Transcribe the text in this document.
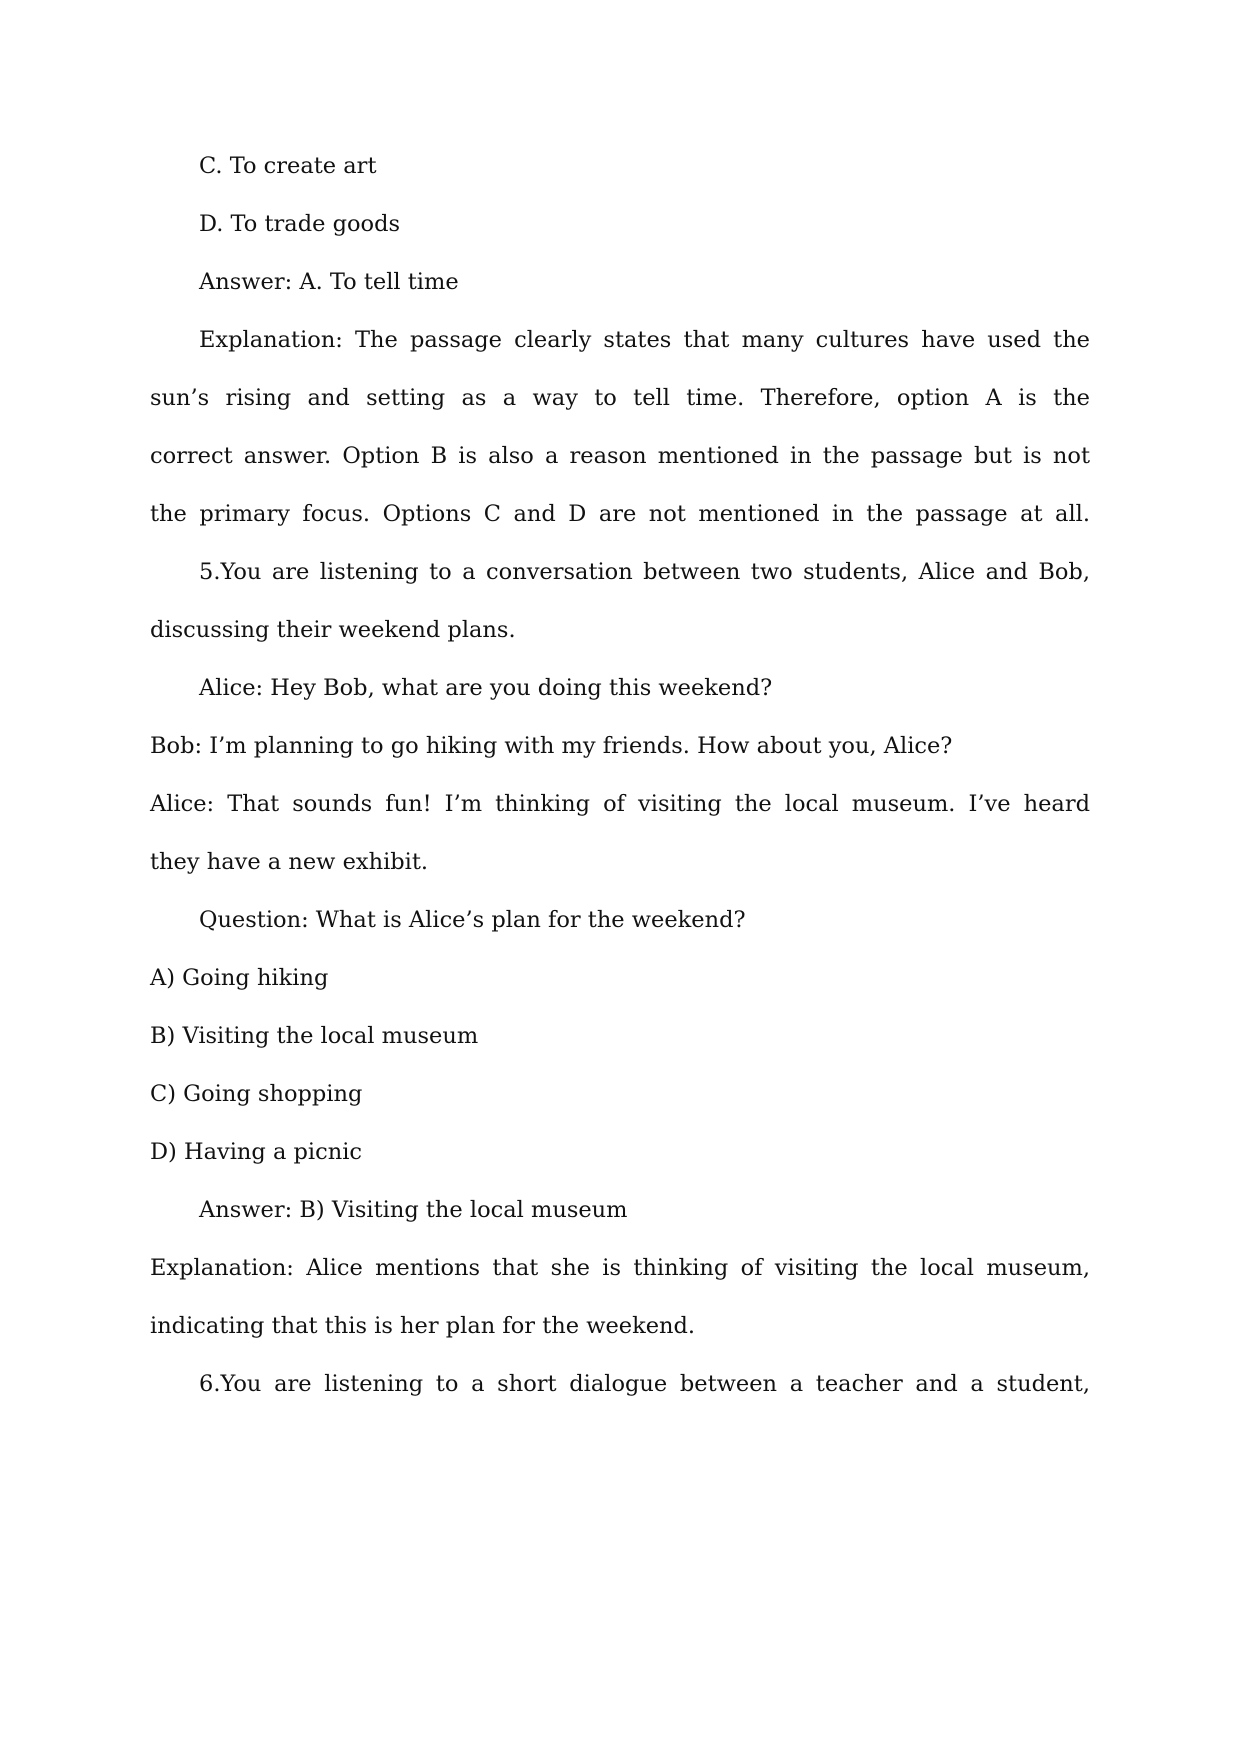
C. To create art

D. To trade goods

Answer: A. To tell time

Explanation: The passage clearly states that many cultures have used the

sun’s rising and setting as a way to tell time. Therefore, option A is the

correct answer. Option B is also a reason mentioned in the passage but is not

the primary focus. Options C and D are not mentioned in the passage at all.

5.You are listening to a conversation between two students, Alice and Bob,

discussing their weekend plans.

Alice: Hey Bob, what are you doing this weekend?

Bob: I’m planning to go hiking with my friends. How about you, Alice?

Alice: That sounds fun! I’m thinking of visiting the local museum. I’ve heard

they have a new exhibit.

Question: What is Alice’s plan for the weekend?

A) Going hiking

B) Visiting the local museum

C) Going shopping

D) Having a picnic

Answer: B) Visiting the local museum

Explanation: Alice mentions that she is thinking of visiting the local museum,

indicating that this is her plan for the weekend.

6.You are listening to a short dialogue between a teacher and a student,
